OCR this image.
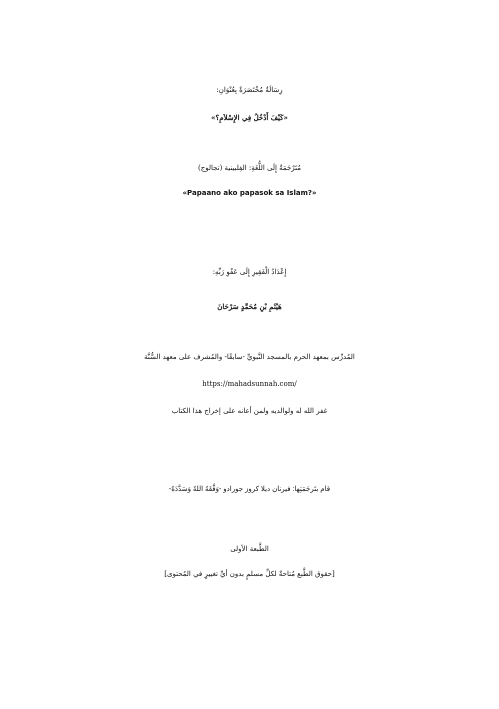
رِسَالَةٌ مُخْتَصَرَةٌ بِعُنْوَانِ:
«كَيْفَ أَدْخُلُ فِي الإِسْلاَمِ؟»
مُتَرْجَمَةٌ إِلَى اللُّغَةِ: الفِلبينية (تجالوج)
«Papaano ako papasok sa Islam?»
إِعْدَادُ الْفَقِيرِ إِلَى عَفْوِ رَبِّهِ:
هَيْثَمِ بْنِ مُحَمَّدٍ سَرْحَانَ
المُدرِّس بمعهد الحرم بالمسجد النَّبويِّ -سابقًا- والمُشرف على معهد السُّنَّة
https://mahadsunnah.com/
غفر الله له ولوالديه ولمن أعانه على إخراج هذا الكتاب
قام بتَرجَمَتِها: فيرنان ديلا كروز جورادو -وَفَّقَهُ اللهُ وَسَدَّدَهُ-
الطَّبعة الأولى
[حقوق الطَّبع مُتاحةٌ لكلِّ مسلمٍ بدون أيِّ تغييرٍ في المُحتوى]
